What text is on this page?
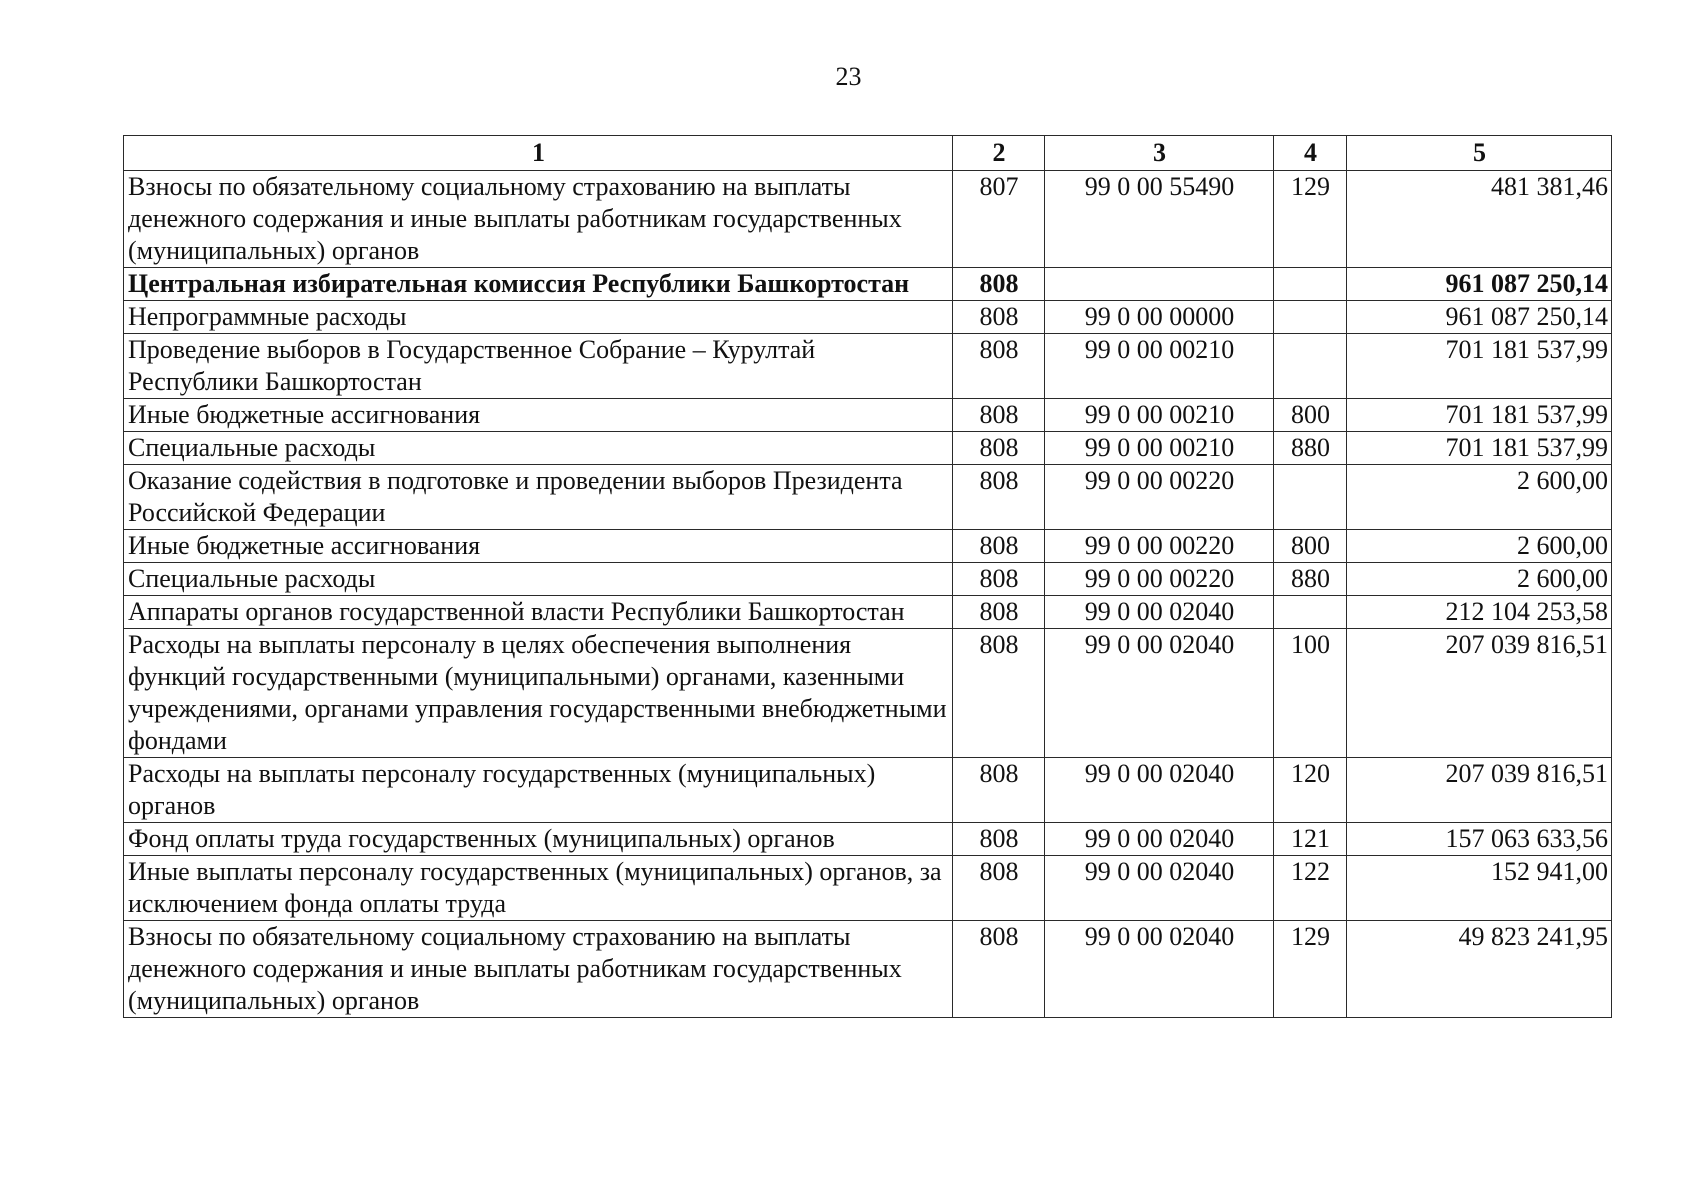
23
1	2	3	4	5
Взносы по обязательному социальному страхованию на выплаты денежного содержания и иные выплаты работникам государственных (муниципальных) органов	807	99 0 00 55490	129	481 381,46
Центральная избирательная комиссия Республики Башкортостан	808			961 087 250,14
Непрограммные расходы	808	99 0 00 00000		961 087 250,14
Проведение выборов в Государственное Собрание – Курултай Республики Башкортостан	808	99 0 00 00210		701 181 537,99
Иные бюджетные ассигнования	808	99 0 00 00210	800	701 181 537,99
Специальные расходы	808	99 0 00 00210	880	701 181 537,99
Оказание содействия в подготовке и проведении выборов Президента Российской Федерации	808	99 0 00 00220		2 600,00
Иные бюджетные ассигнования	808	99 0 00 00220	800	2 600,00
Специальные расходы	808	99 0 00 00220	880	2 600,00
Аппараты органов государственной власти Республики Башкортостан	808	99 0 00 02040		212 104 253,58
Расходы на выплаты персоналу в целях обеспечения выполнения функций государственными (муниципальными) органами, казенными учреждениями, органами управления государственными внебюджетными фондами	808	99 0 00 02040	100	207 039 816,51
Расходы на выплаты персоналу государственных (муниципальных) органов	808	99 0 00 02040	120	207 039 816,51
Фонд оплаты труда государственных (муниципальных) органов	808	99 0 00 02040	121	157 063 633,56
Иные выплаты персоналу государственных (муниципальных) органов, за исключением фонда оплаты труда	808	99 0 00 02040	122	152 941,00
Взносы по обязательному социальному страхованию на выплаты денежного содержания и иные выплаты работникам государственных (муниципальных) органов	808	99 0 00 02040	129	49 823 241,95
